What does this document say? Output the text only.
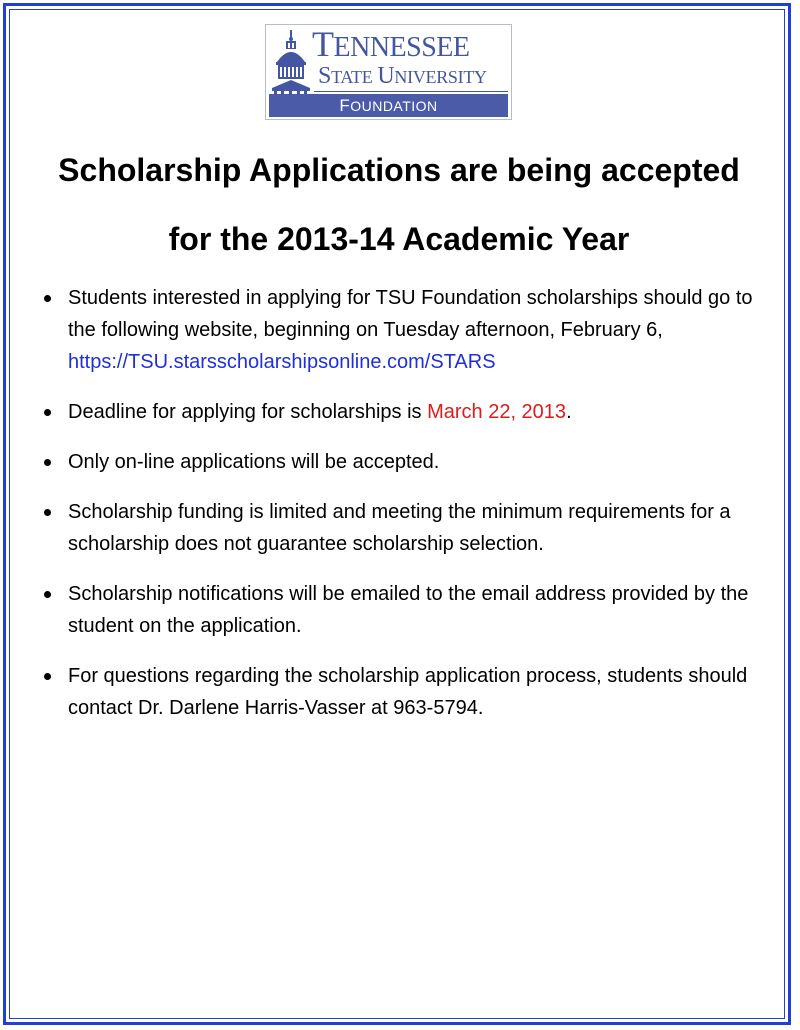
TENNESSEE
STATE UNIVERSITY
FOUNDATION
Scholarship Applications are being accepted
for the 2013-14 Academic Year
Students interested in applying for TSU Foundation scholarships should go to the following website, beginning on Tuesday afternoon, February 6,    https://TSU.starsscholarshipsonline.com/STARS
Deadline for applying for scholarships is March 22, 2013.
Only on-line applications will be accepted.
Scholarship funding is limited and meeting the minimum requirements for a scholarship does not guarantee scholarship selection.
Scholarship notifications will be emailed to the email address provided by the student on the application.
For questions regarding the scholarship application process, students should contact Dr. Darlene Harris-Vasser at 963-5794.
